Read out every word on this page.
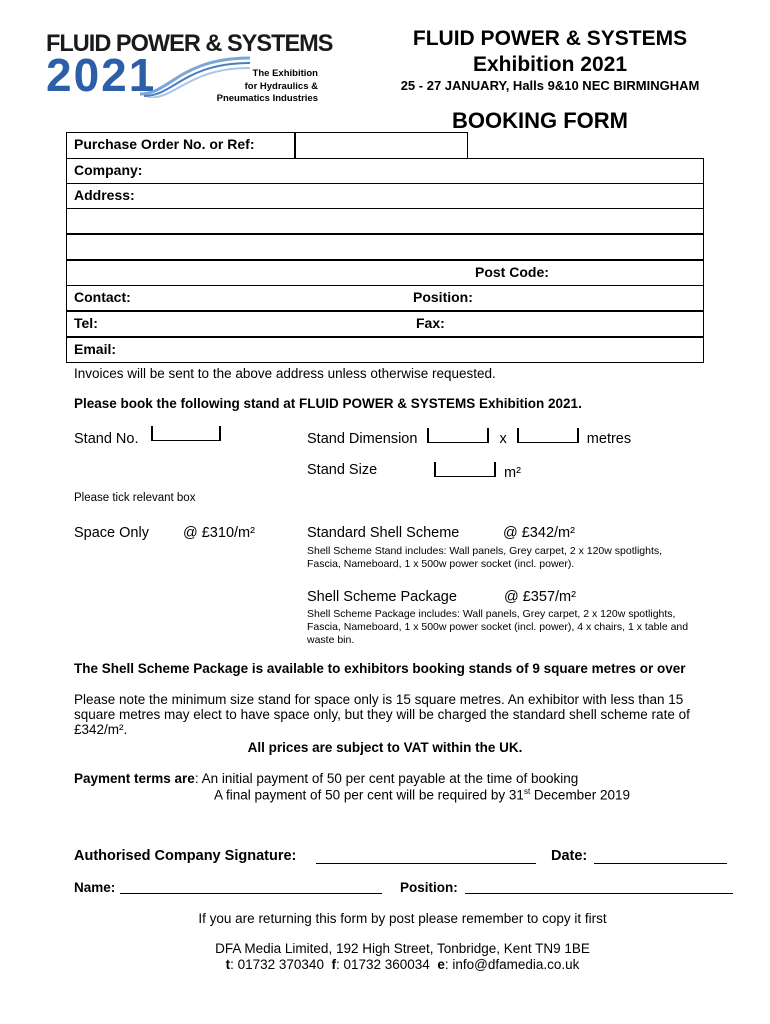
FLUID POWER & SYSTEMS
2021	The Exhibition
for Hydraulics &
Pneumatics Industries
FLUID POWER & SYSTEMS
Exhibition 2021
25 - 27 JANUARY, Halls 9&10 NEC BIRMINGHAM
BOOKING FORM
Purchase Order No. or Ref:
Company:
Address:
Post Code:
Contact:	Position:
Tel:	Fax:
Email:
Invoices will be sent to the above address unless otherwise requested.
Please book the following stand at FLUID POWER & SYSTEMS Exhibition 2021.
Stand No.	Stand Dimension	x	metres
Stand Size	m²
Please tick relevant box
Space Only @ £310/m²	Standard Shell Scheme	@ £342/m²
Shell Scheme Stand includes: Wall panels, Grey carpet, 2 x 120w spotlights,
Fascia, Nameboard, 1 x 500w power socket (incl. power).
Shell Scheme Package	@ £357/m²
Shell Scheme Package includes: Wall panels, Grey carpet, 2 x 120w spotlights,
Fascia, Nameboard, 1 x 500w power socket (incl. power), 4 x chairs, 1 x table and
waste bin.
The Shell Scheme Package is available to exhibitors booking stands of 9 square metres or over
Please note the minimum size stand for space only is 15 square metres. An exhibitor with less than 15
square metres may elect to have space only, but they will be charged the standard shell scheme rate of
£342/m².
All prices are subject to VAT within the UK.
Payment terms are: An initial payment of 50 per cent payable at the time of booking
A final payment of 50 per cent will be required by 31st December 2019
Authorised Company Signature:	Date:
Name:	Position:
If you are returning this form by post please remember to copy it first
DFA Media Limited, 192 High Street, Tonbridge, Kent TN9 1BE
t: 01732 370340 f: 01732 360034 e: info@dfamedia.co.uk
